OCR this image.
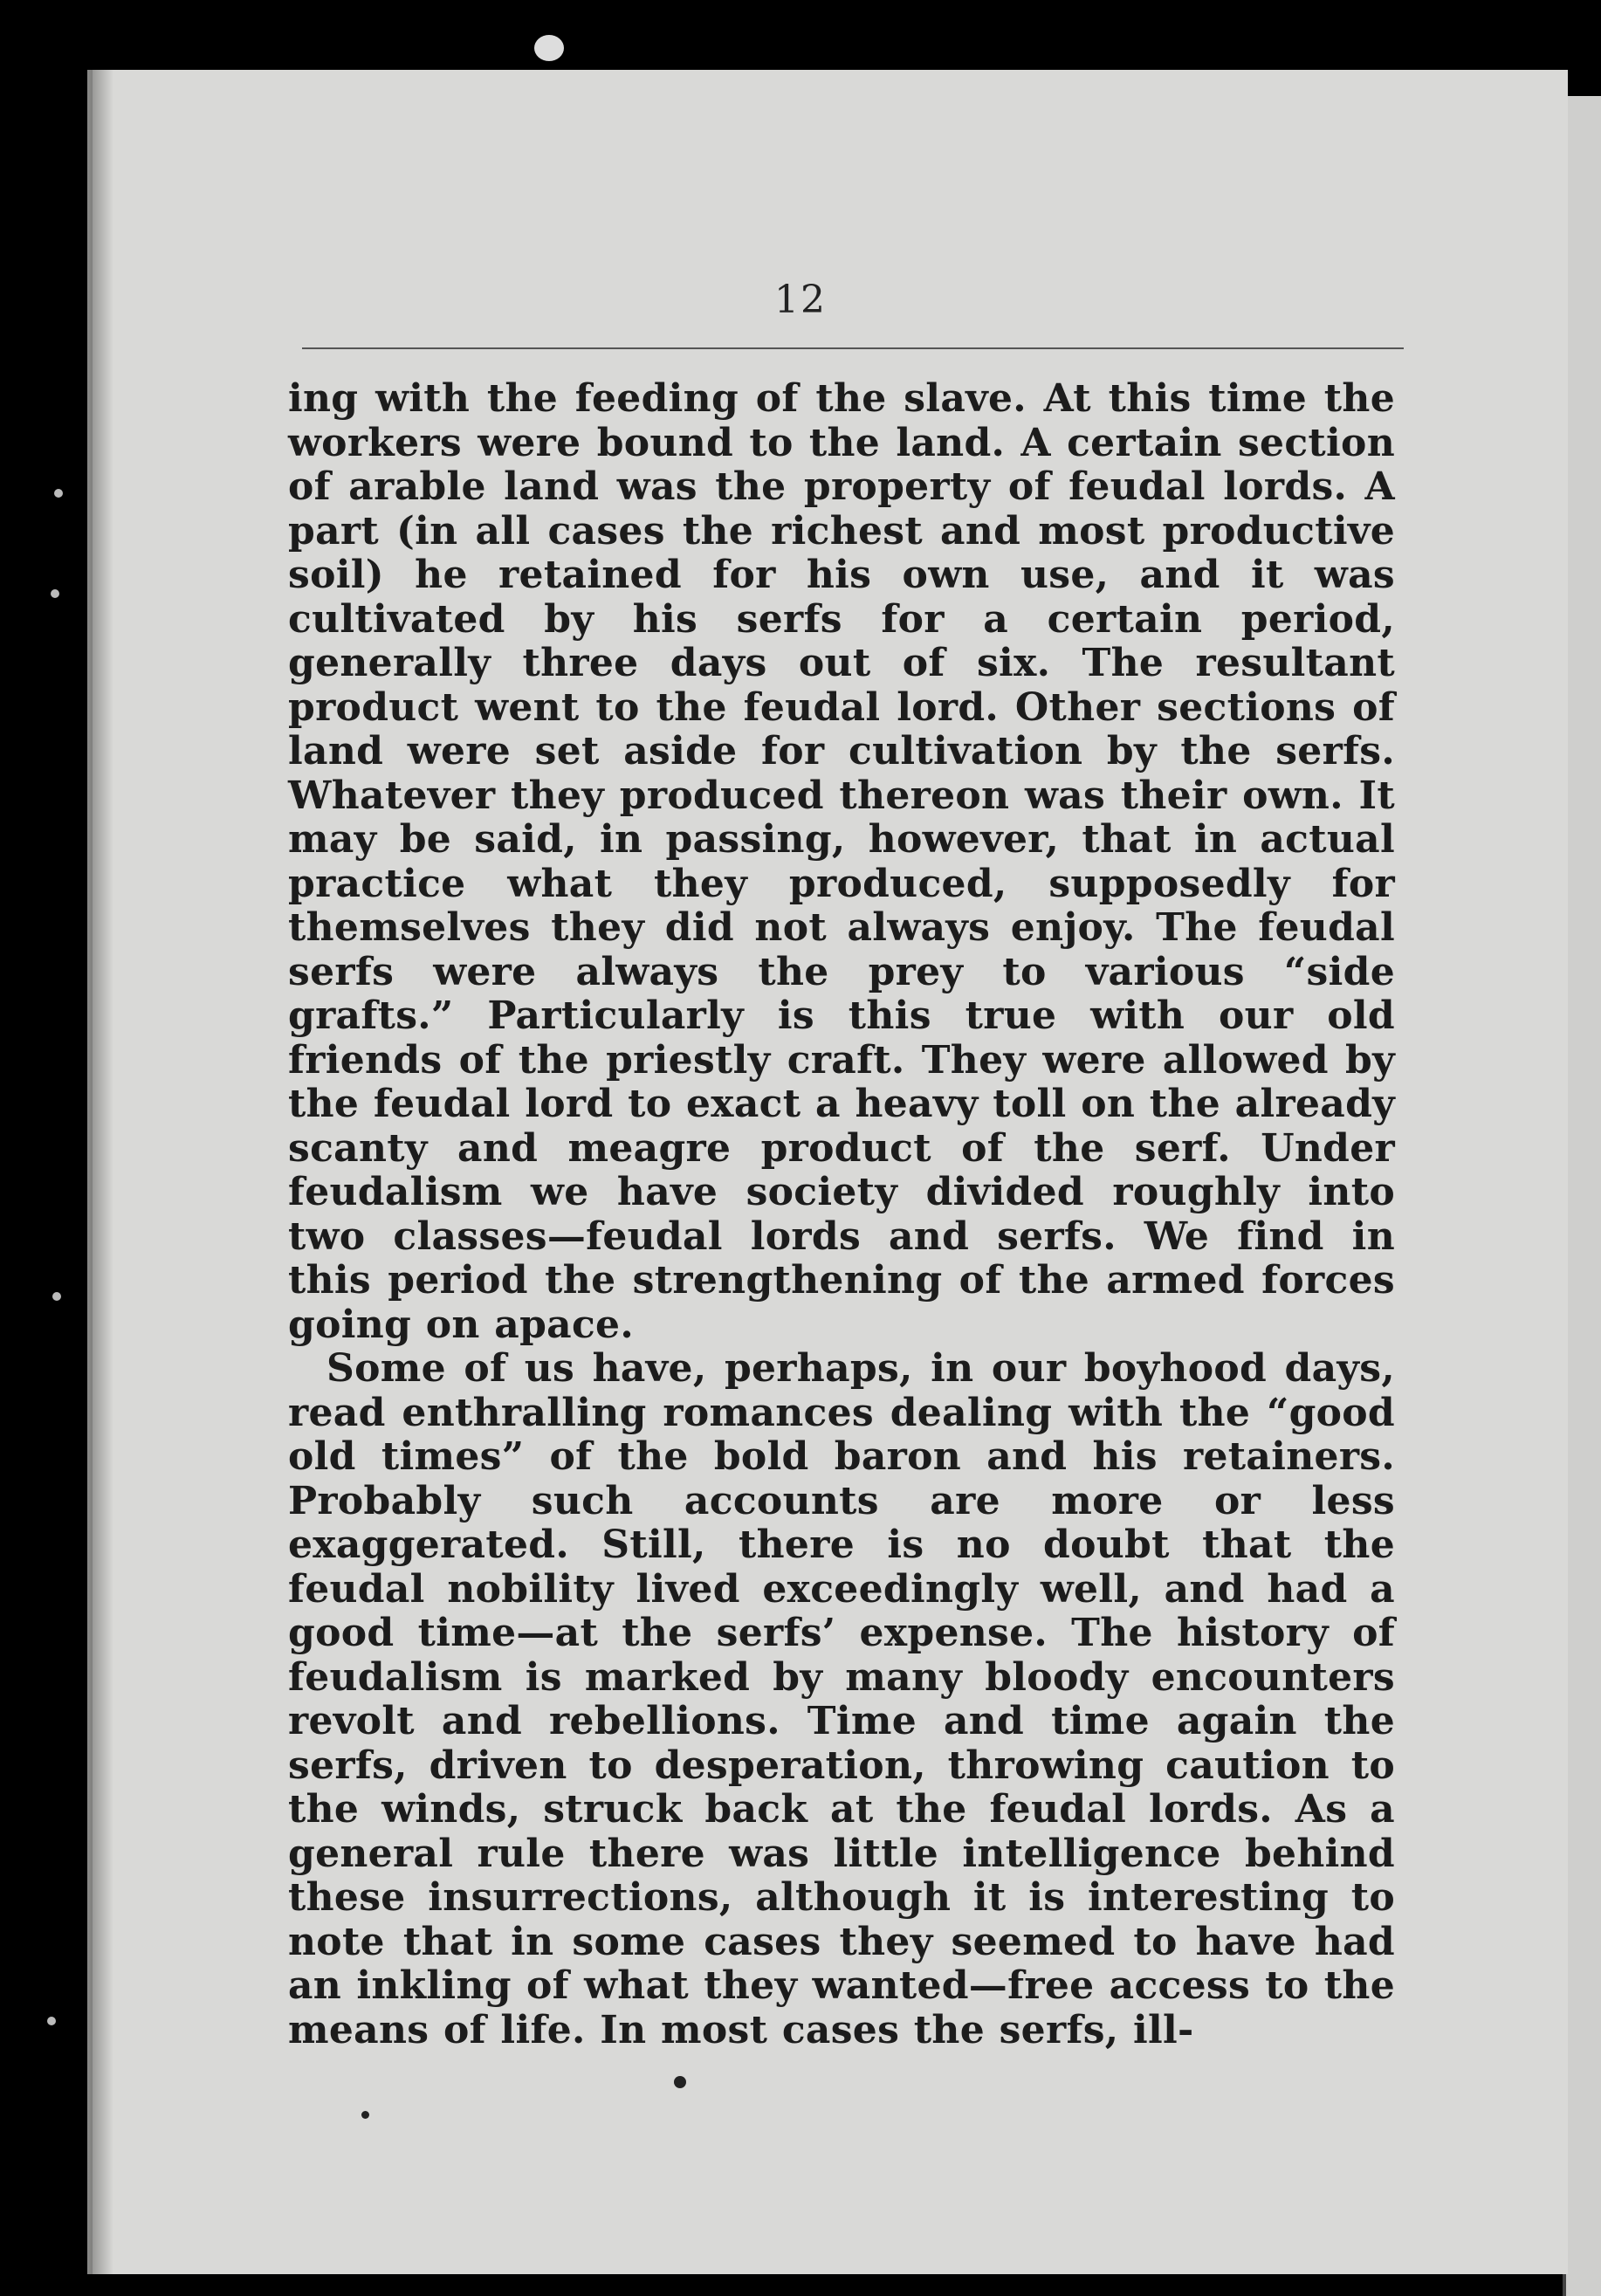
12

ing with the feeding of the slave. At this time the workers were bound to the land. A certain section of arable land was the property of feudal lords. A part (in all cases the richest and most productive soil) he retained for his own use, and it was cultivated by his serfs for a certain period, generally three days out of six. The resultant product went to the feudal lord. Other sections of land were set aside for cultivation by the serfs. Whatever they produced thereon was their own. It may be said, in passing, however, that in actual practice what they produced, supposedly for themselves they did not always enjoy. The feudal serfs were always the prey to various “side grafts.” Particularly is this true with our old friends of the priestly craft. They were allowed by the feudal lord to exact a heavy toll on the already scanty and meagre product of the serf. Under feudalism we have society divided roughly into two classes—feudal lords and serfs. We find in this period the strengthening of the armed forces going on apace.

Some of us have, perhaps, in our boyhood days, read enthralling romances dealing with the “good old times” of the bold baron and his retainers. Probably such accounts are more or less exaggerated. Still, there is no doubt that the feudal nobility lived exceedingly well, and had a good time—at the serfs’ expense. The history of feudalism is marked by many bloody encounters revolt and rebellions. Time and time again the serfs, driven to desperation, throwing caution to the winds, struck back at the feudal lords. As a general rule there was little intelligence behind these insurrections, although it is interesting to note that in some cases they seemed to have had an inkling of what they wanted—free access to the means of life. In most cases the serfs, ill-
